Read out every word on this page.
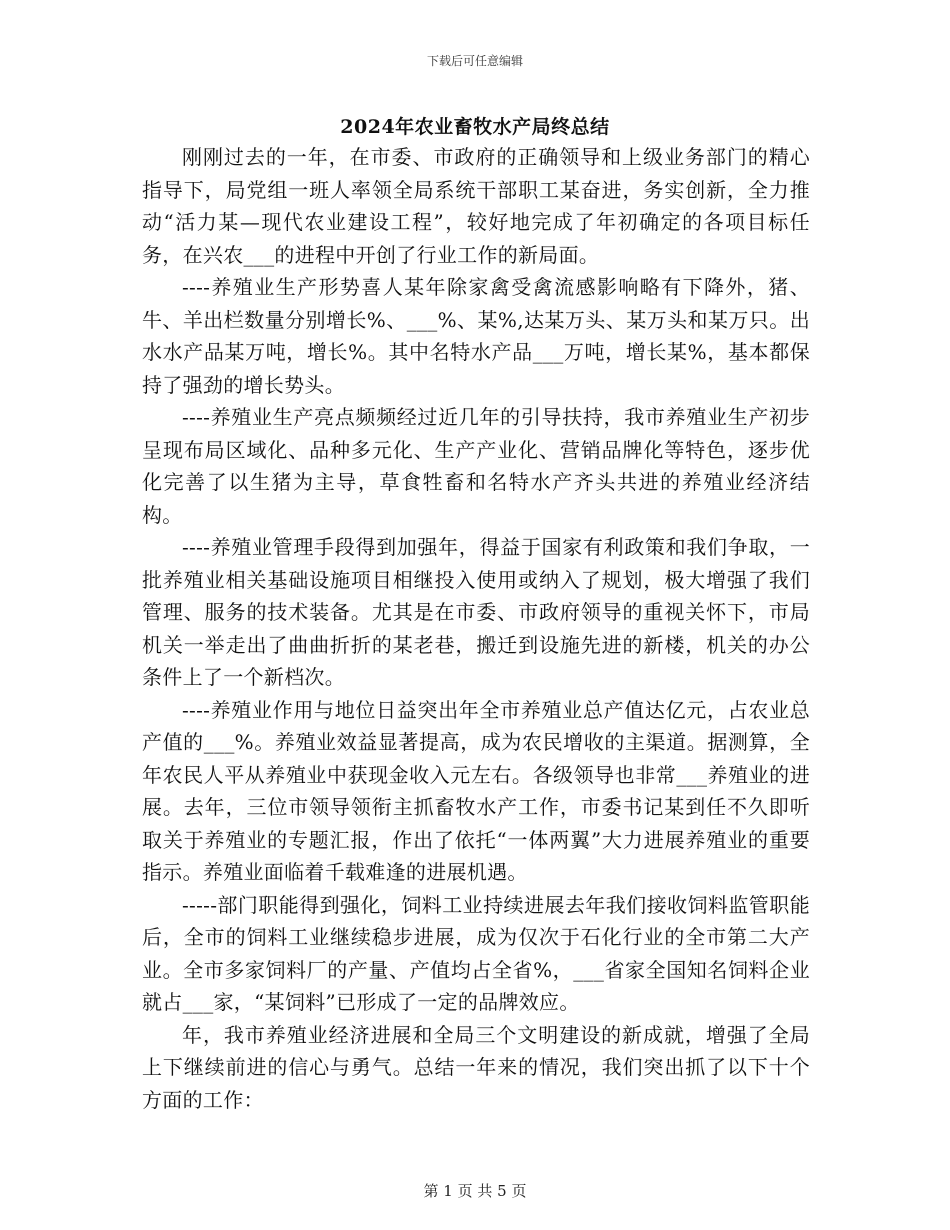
下载后可任意编辑
2024年农业畜牧水产局终总结

刚刚过去的一年，在市委、市政府的正确领导和上级业务部门的精心指导下，局党组一班人率领全局系统干部职工某奋进，务实创新，全力推动“活力某—现代农业建设工程”，较好地完成了年初确定的各项目标任务，在兴农___的进程中开创了行业工作的新局面。

----养殖业生产形势喜人某年除家禽受禽流感影响略有下降外，猪、牛、羊出栏数量分别增长%、___%、某%,达某万头、某万头和某万只。出水水产品某万吨，增长%。其中名特水产品___万吨，增长某%，基本都保持了强劲的增长势头。

----养殖业生产亮点频频经过近几年的引导扶持，我市养殖业生产初步呈现布局区域化、品种多元化、生产产业化、营销品牌化等特色，逐步优化完善了以生猪为主导，草食牲畜和名特水产齐头共进的养殖业经济结构。

----养殖业管理手段得到加强年，得益于国家有利政策和我们争取，一批养殖业相关基础设施项目相继投入使用或纳入了规划，极大增强了我们管理、服务的技术装备。尤其是在市委、市政府领导的重视关怀下，市局机关一举走出了曲曲折折的某老巷，搬迁到设施先进的新楼，机关的办公条件上了一个新档次。

----养殖业作用与地位日益突出年全市养殖业总产值达亿元，占农业总产值的___%。养殖业效益显著提高，成为农民增收的主渠道。据测算，全年农民人平从养殖业中获现金收入元左右。各级领导也非常___养殖业的进展。去年，三位市领导领衔主抓畜牧水产工作，市委书记某到任不久即听取关于养殖业的专题汇报，作出了依托“一体两翼”大力进展养殖业的重要指示。养殖业面临着千载难逢的进展机遇。

-----部门职能得到强化，饲料工业持续进展去年我们接收饲料监管职能后，全市的饲料工业继续稳步进展，成为仅次于石化行业的全市第二大产业。全市多家饲料厂的产量、产值均占全省%，___省家全国知名饲料企业就占___家，“某饲料”已形成了一定的品牌效应。

年，我市养殖业经济进展和全局三个文明建设的新成就，增强了全局上下继续前进的信心与勇气。总结一年来的情况，我们突出抓了以下十个方面的工作：

第 1 页 共 5 页
